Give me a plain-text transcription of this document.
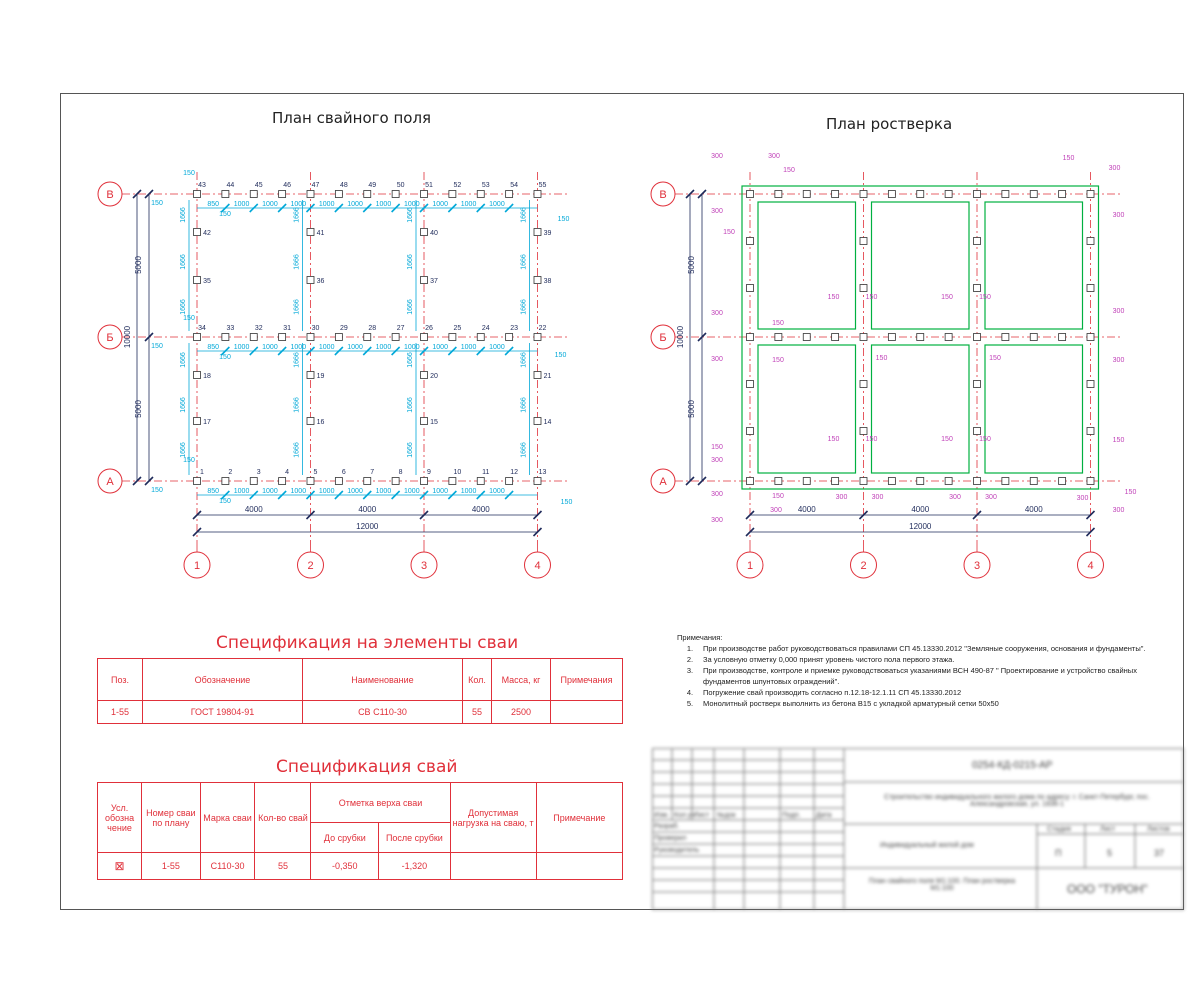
План свайного поля	План ростверка
В
Б
А
1	2	3	4
5000
5000
10000
4000	4000	4000
12000
43	44	45	46	47	48	49	50	51	52	53	54	55
850 1000 1000 1000 1000 1000 1000 1000 1000 1000 1000
150
150
34	33	32	31	30	29	28	27	26	25	24	23	22
850 1000 1000 1000 1000 1000 1000 1000 1000 1000 1000
150
150
1	2	3	4	5	6	7	8	9	10	11	12	13
850 1000 1000 1000 1000 1000 1000 1000 1000 1000 1000
150
150
42
35
18
17
1666
1666
1666
1666
1666
1666
41
36
19
16
1666
1666
1666
1666
1666
1666
40
37
20
15
1666
1666
1666
1666
1666
1666
39
38
21
14
1666
1666
1666
1666
1666
1666
150
150
150
150
150
150
В
Б
А
1	2	3	4
5000
5000
10000
4000	4000	4000
12000
300	300
150
300
150
300
150
300	150
150
300
300	150
300
300
300
300
300
300
150
150
300
150
300
150	150
150	150
300	300
150
150	150
150	150
300	300
150
Спецификация на элементы сваи
Поз.	Обозначение	Наименование	Кол.	Масса, кг	Примечания
1-55	ГОСТ 19804-91	СВ С110-30	55	2500	
Спецификация свай
Усл. обозна чение	Номер сваи по плану	Марка сваи	Кол-во свай	Отметка верха сваи		Допустимая нагрузка на сваю, т	Примечание
				До срубки	После срубки		
⊠	1-55	С110-30	55	-0,350	-1,320		
Примечания:
1.	При производстве работ руководствоваться правилами СП 45.13330.2012 "Земляные сооружения, основания и фундаменты".
2.	За условную отметку 0,000 принят уровень чистого пола первого этажа.
3.	При производстве, контроле и приемке руководствоваться указаниями ВСН 490-87 " Проектирование и устройство свайных фундаментов шпунтовых ограждений".
4.	Погружение свай производить согласно п.12.18-12.1.11 СП 45.13330.2012
5.	Монолитный ростверк выполнить из бетона В15 с укладкой арматурный сетки 50х50
Изм. Кол.уч Лист №док	Подп. Дата
Разраб.
Проверил
Руководитель
0254-КД-0215-АР
Строительство индивидуального жилого дома по адресу: г. Санкт-Петербург, пос. Александровская, ул. 1836-1
Индивидуальный жилой дом
Стадия	Лист	Листов
П	5	37
План свайного поля М1:100. План ростверка М1:100	ООО "ТУРОН"
